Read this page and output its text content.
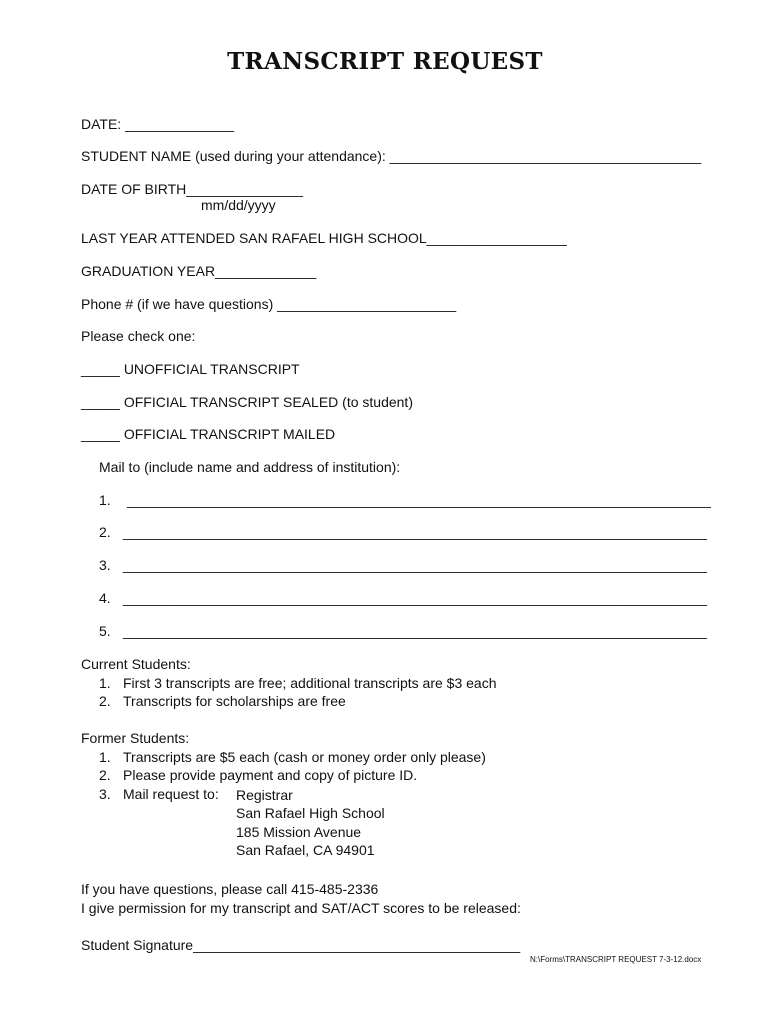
TRANSCRIPT REQUEST
DATE: ______________
STUDENT NAME (used during your attendance): ________________________________________
DATE OF BIRTH_______________
mm/dd/yyyy
LAST YEAR ATTENDED SAN RAFAEL HIGH SCHOOL__________________
GRADUATION YEAR_____________
Phone # (if we have questions) _______________________
Please check one:
_____ UNOFFICIAL TRANSCRIPT
_____ OFFICIAL TRANSCRIPT SEALED (to student)
_____ OFFICIAL TRANSCRIPT MAILED
Mail to (include name and address of institution):
1. ___________________________________________________________________________
2. ___________________________________________________________________________
3. ___________________________________________________________________________
4. ___________________________________________________________________________
5. ___________________________________________________________________________
Current Students:
1. First 3 transcripts are free; additional transcripts are $3 each
2. Transcripts for scholarships are free
Former Students:
1. Transcripts are $5 each (cash or money order only please)
2. Please provide payment and copy of picture ID.
3. Mail request to:	Registrar
San Rafael High School
185 Mission Avenue
San Rafael, CA 94901
If you have questions, please call 415-485-2336
I give permission for my transcript and SAT/ACT scores to be released:
Student Signature__________________________________________
N:\Forms\TRANSCRIPT REQUEST 7-3-12.docx
